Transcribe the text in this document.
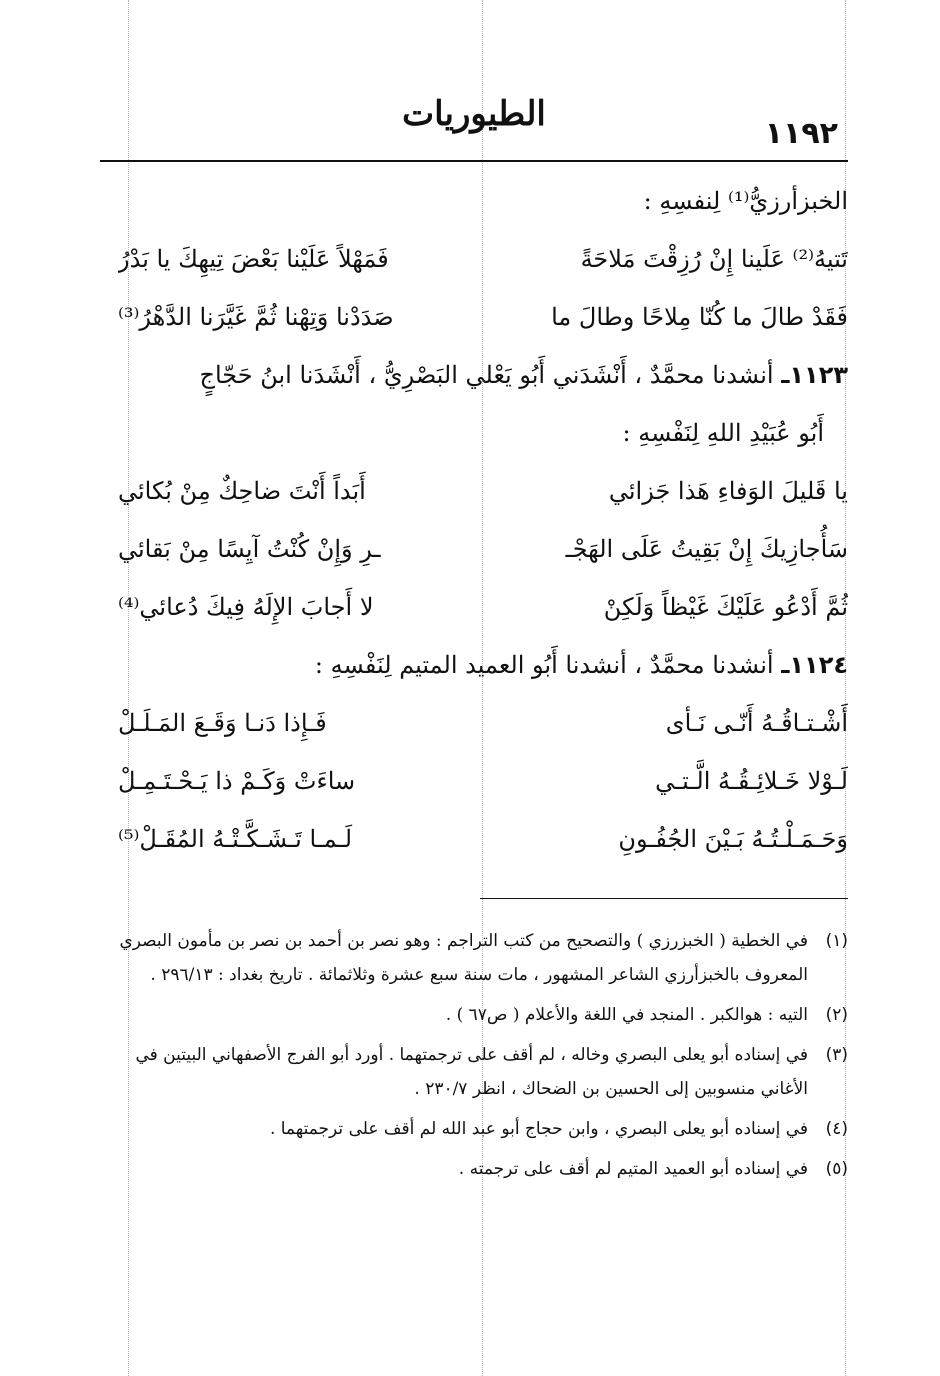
١١٩٢
الطيوريات
الخبزأرزيُّ⁽¹⁾ لِنفسِهِ :
تَتيهُ⁽²⁾ عَلَينا إِنْ رُزِقْتَ مَلاحَةً
فَمَهْلاً عَلَيْنا بَعْضَ تِيهِكَ يا بَدْرُ
فَقَدْ طالَ ما كُنّا مِلاحًا وطالَ ما
صَدَدْنا وَتِهْنا ثُمَّ غَيَّرَنا الدَّهْرُ⁽³⁾
١١٢٣ـ أنشدنا محمَّدٌ ، أَنْشَدَني أَبُو يَعْلي البَصْرِيُّ ، أَنْشَدَنا ابنُ حَجّاجٍ
أَبُو عُبَيْدِ اللهِ لِنَفْسِهِ :
يا قَليلَ الوَفاءِ هَذا جَزائي
أَبَداً أَنْتَ ضاحِكٌ مِنْ بُكائي
سَأُجازِيكَ إِنْ بَقِيتُ عَلَى الهَجْـ
ـرِ وَإِنْ كُنْتُ آيِسًا مِنْ بَقائي
ثُمَّ أَدْعُو عَلَيْكَ غَيْظاً وَلَكِنْ
لا أَجابَ الإِلَهُ فِيكَ دُعائي⁽⁴⁾
١١٢٤ـ أنشدنا محمَّدٌ ، أنشدنا أَبُو العميد المتيم لِنَفْسِهِ :
أَشْـتـاقُـهُ أَنّـى نَـأى
فَـإِذا دَنـا وَقَـعَ المَـلَـلْ
لَـوْلا خَـلائِـقُـهُ الَّـتـي
ساءَتْ وَكَـمْ ذا يَـحْـتَـمِـلْ
وَحَـمَـلْـتُـهُ بَـيْنَ الجُفُـونِ
لَـمـا تَـشَـكَّـتْـهُ المُقَـلْ⁽⁵⁾
(١)
في الخطية ( الخبزرزي ) والتصحيح من كتب التراجم : وهو نصر بن أحمد بن نصر بن مأمون البصري المعروف بالخبزأرزي الشاعر المشهور ، مات سنة سبع عشرة وثلاثمائة . تاريخ بغداد : ٢٩٦/١٣ .
(٢)
التيه : هوالكبر . المنجد في اللغة والأعلام ( ص٦٧ ) .
(٣)
في إسناده أبو يعلى البصري وخاله ، لم أقف على ترجمتهما . أورد أبو الفرج الأصفهاني البيتين في الأغاني منسوبين إلى الحسين بن الضحاك ، انظر ٢٣٠/٧ .
(٤)
في إسناده أبو يعلى البصري ، وابن حجاج أبو عبد الله لم أقف على ترجمتهما .
(٥)
في إسناده أبو العميد المتيم لم أقف على ترجمته .
